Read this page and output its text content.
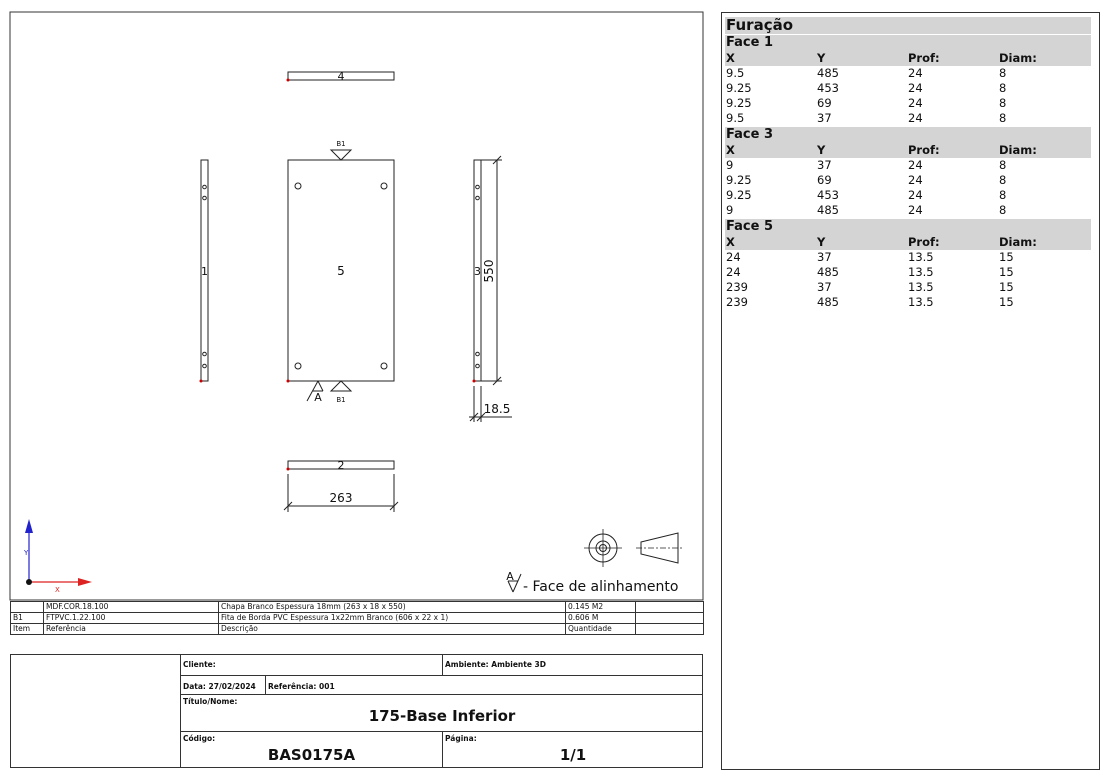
4
5
B1
B1
A
2
263
1	3 550
18.5
Y
X
A
- Face de alinhamento
	MDF.COR.18.100	Chapa Branco Espessura 18mm (263 x 18 x 550)	0.145 M2	
B1	FTPVC.1.22.100	Fita de Borda PVC Espessura 1x22mm Branco (606 x 22 x 1)	0.606 M	
Item	Referência	Descrição	Quantidade	
Cliente:	Ambiente: Ambiente 3D
Data: 27/02/2024 Referência: 001
Título/Nome:
175-Base Inferior
Código:
BAS0175A
Página:
1/1
Furação
Face 1
X	Y	Prof:	Diam:
9.5	485	24	8
9.25	453	24	8
9.25	69	24	8
9.5	37	24	8
Face 3
X	Y	Prof:	Diam:
9	37	24	8
9.25	69	24	8
9.25	453	24	8
9	485	24	8
Face 5
X	Y	Prof:	Diam:
24	37	13.5	15
24	485	13.5	15
239	37	13.5	15
239	485	13.5	15
